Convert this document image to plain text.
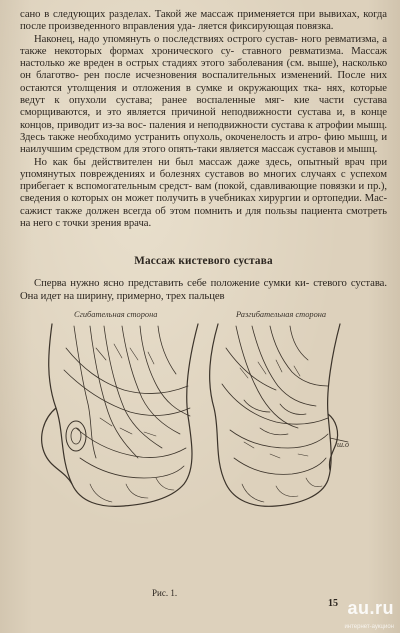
сано в следующих разделах. Такой же массаж применяется при вывихах, когда после произведенного вправления уда- ляется фиксирующая повязка.

Наконец, надо упомянуть о последствиях острого сустав- ного ревматизма, а также некоторых формах хронического су- ставного ревматизма. Массаж настолько же вреден в острых стадиях этого заболевания (см. выше), насколько он благотво- рен после исчезновения воспалительных изменений. После них остаются утолщения и отложения в сумке и окружающих тка- нях, которые ведут к опухоли сустава; ранее воспаленные мяг- кие части сустава сморщиваются, и это является причиной неподвижности сустава и, в конце концов, приводит из-за вос- паления и неподвижности сустава к атрофии мышц. Здесь также необходимо устранить опухоль, окоченелость и атро- фию мышц, и наилучшим средством для этого опять-таки является массаж суставов и мышц.

Но как бы действителен ни был массаж даже здесь, опытный врач при упомянутых повреждениях и болезнях суставов во многих случаях с успехом прибегает к вспомогательным средст- вам (покой, сдавливающие повязки и пр.), сведения о которых он может получить в учебниках хирургии и ортопедии. Мас- сажист также должен всегда об этом помнить и для пользы пациента смотреть на него с точки зрения врача.

Массаж кистевого сустава

Сперва нужно ясно представить себе положение сумки ки- стевого сустава. Она идет на ширину, примерно, трех пальцев

Сгибательная сторона	Разгибательная сторона
ш.о
Рис. 1.
15 au.ru
интернет-аукцион
